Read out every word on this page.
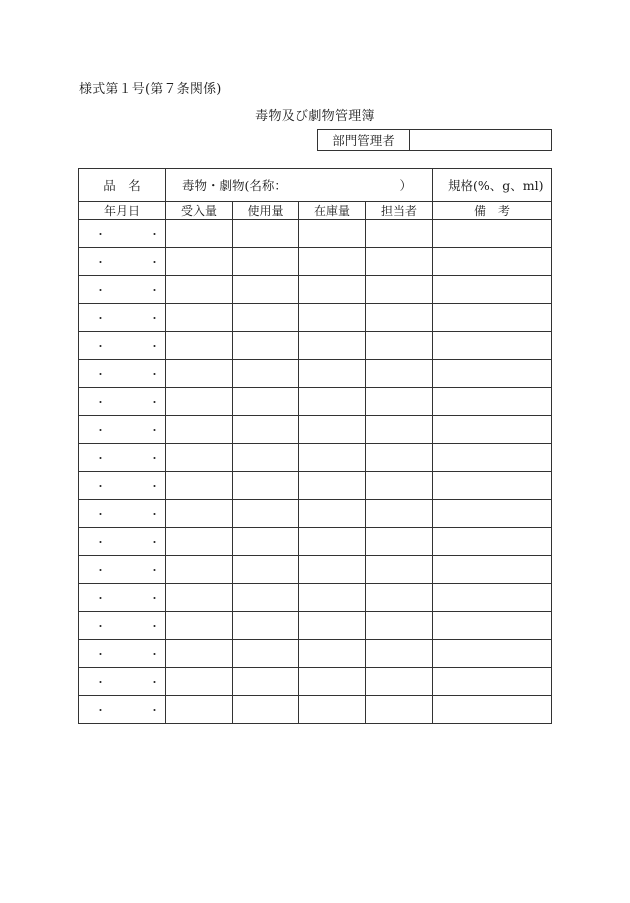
様式第１号(第７条関係)
毒物及び劇物管理簿
部門管理者	
品　名	毒物・劇物(名称： ）				規格(%、g、ml)
年月日	受入量	使用量	在庫量	担当者	備　考
・　・					
・　・					
・　・					
・　・					
・　・					
・　・					
・　・					
・　・					
・　・					
・　・					
・　・					
・　・					
・　・					
・　・					
・　・					
・　・					
・　・					
・　・					
